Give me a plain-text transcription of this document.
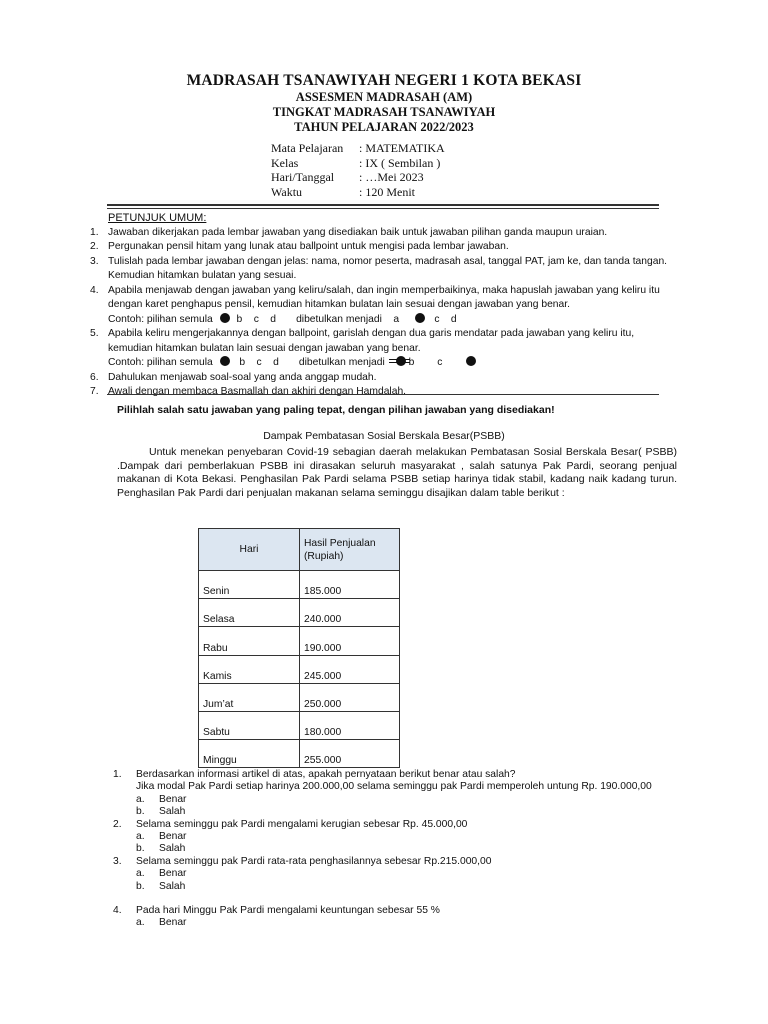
MADRASAH TSANAWIYAH NEGERI 1 KOTA BEKASI
ASSESMEN MADRASAH (AM)
TINGKAT MADRASAH TSANAWIYAH
TAHUN PELAJARAN 2022/2023
Mata Pelajaran	: MATEMATIKA
Kelas	: IX ( Sembilan )
Hari/Tanggal	: …Mei 2023
Waktu	: 120 Menit
PETUNJUK UMUM:
1. Jawaban dikerjakan pada lembar jawaban yang disediakan baik untuk jawaban pilihan ganda maupun uraian.
2. Pergunakan pensil hitam yang lunak atau ballpoint untuk mengisi pada lembar jawaban.
3. Tulislah pada lembar jawaban dengan jelas: nama, nomor peserta, madrasah asal, tanggal PAT, jam ke, dan tanda tangan. Kemudian hitamkan bulatan yang sesuai.
4. Apabila menjawab dengan jawaban yang keliru/salah, dan ingin memperbaikinya, maka hapuslah jawaban yang keliru itu dengan karet penghapus pensil, kemudian hitamkan bulatan lain sesuai dengan jawaban yang benar.
Contoh: pilihan semula b c d dibetulkan menjadi a	c d
5. Apabila keliru mengerjakannya dengan ballpoint, garislah dengan dua garis mendatar pada jawaban yang keliru itu, kemudian hitamkan bulatan lain sesuai dengan jawaban yang benar.
Contoh: pilihan semula	b c d dibetulkan menjadi b c
6. Dahulukan menjawab soal-soal yang anda anggap mudah.
7. Awali dengan membaca Basmallah dan akhiri dengan Hamdalah.
Pilihlah salah satu jawaban yang paling tepat, dengan pilihan jawaban yang disediakan!
Dampak Pembatasan Sosial Berskala Besar(PSBB)
Untuk menekan penyebaran Covid-19 sebagian daerah melakukan Pembatasan Sosial Berskala Besar( PSBB) .Dampak dari pemberlakuan PSBB ini dirasakan seluruh masyarakat , salah satunya Pak Pardi, seorang penjual makanan di Kota Bekasi. Penghasilan Pak Pardi selama PSBB setiap harinya tidak stabil, kadang naik kadang turun. Penghasilan Pak Pardi dari penjualan makanan selama seminggu disajikan dalam table berikut :
Hari	Hasil Penjualan (Rupiah)
Senin	185.000
Selasa	240.000
Rabu	190.000
Kamis	245.000
Jum’at	250.000
Sabtu	180.000
Minggu	255.000
1.	Berdasarkan informasi artikel di atas, apakah pernyataan berikut benar atau salah?
Jika modal Pak Pardi setiap harinya 200.000,00 selama seminggu pak Pardi memperoleh untung Rp. 190.000,00
a.	Benar
b.	Salah
2.	Selama seminggu pak Pardi mengalami kerugian sebesar Rp. 45.000,00
a.	Benar
b.	Salah
3.	Selama seminggu pak Pardi rata-rata penghasilannya sebesar Rp.215.000,00
a.	Benar
b.	Salah
4.	Pada hari Minggu Pak Pardi mengalami keuntungan sebesar 55 %
a.	Benar
